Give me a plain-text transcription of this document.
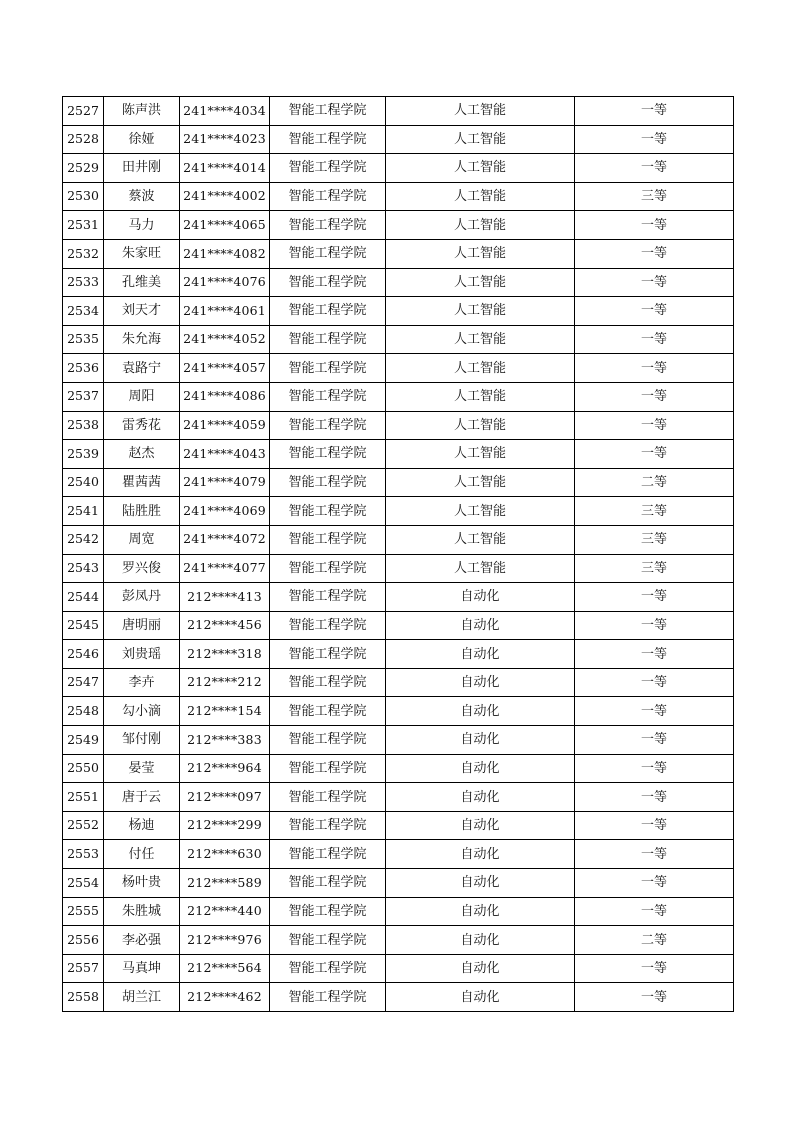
2527	陈声洪	241****4034	智能工程学院	人工智能	一等
2528	徐娅	241****4023	智能工程学院	人工智能	一等
2529	田井刚	241****4014	智能工程学院	人工智能	一等
2530	蔡波	241****4002	智能工程学院	人工智能	三等
2531	马力	241****4065	智能工程学院	人工智能	一等
2532	朱家旺	241****4082	智能工程学院	人工智能	一等
2533	孔维美	241****4076	智能工程学院	人工智能	一等
2534	刘天才	241****4061	智能工程学院	人工智能	一等
2535	朱允海	241****4052	智能工程学院	人工智能	一等
2536	袁路宁	241****4057	智能工程学院	人工智能	一等
2537	周阳	241****4086	智能工程学院	人工智能	一等
2538	雷秀花	241****4059	智能工程学院	人工智能	一等
2539	赵杰	241****4043	智能工程学院	人工智能	一等
2540	瞿茜茜	241****4079	智能工程学院	人工智能	二等
2541	陆胜胜	241****4069	智能工程学院	人工智能	三等
2542	周宽	241****4072	智能工程学院	人工智能	三等
2543	罗兴俊	241****4077	智能工程学院	人工智能	三等
2544	彭凤丹	212****413	智能工程学院	自动化	一等
2545	唐明丽	212****456	智能工程学院	自动化	一等
2546	刘贵瑶	212****318	智能工程学院	自动化	一等
2547	李卉	212****212	智能工程学院	自动化	一等
2548	勾小滴	212****154	智能工程学院	自动化	一等
2549	邹付刚	212****383	智能工程学院	自动化	一等
2550	晏莹	212****964	智能工程学院	自动化	一等
2551	唐于云	212****097	智能工程学院	自动化	一等
2552	杨迪	212****299	智能工程学院	自动化	一等
2553	付任	212****630	智能工程学院	自动化	一等
2554	杨叶贵	212****589	智能工程学院	自动化	一等
2555	朱胜城	212****440	智能工程学院	自动化	一等
2556	李必强	212****976	智能工程学院	自动化	二等
2557	马真坤	212****564	智能工程学院	自动化	一等
2558	胡兰江	212****462	智能工程学院	自动化	一等
